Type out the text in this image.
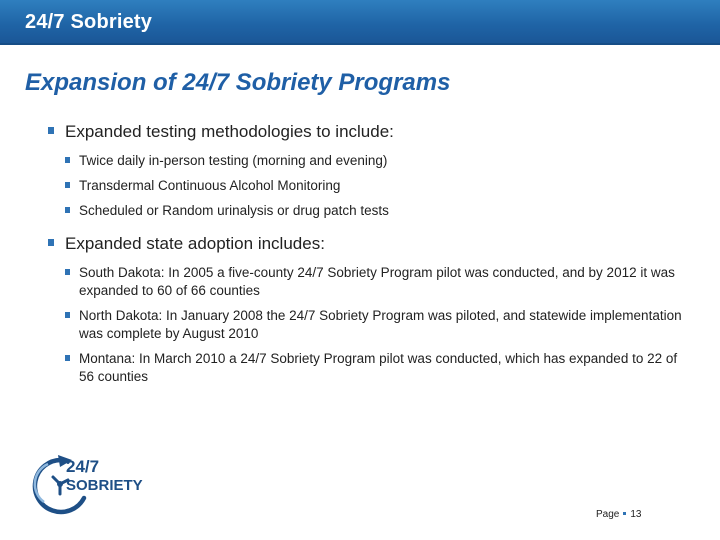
24/7 Sobriety
Expansion of 24/7 Sobriety Programs
Expanded testing methodologies to include:
Twice daily in-person testing (morning and evening)
Transdermal Continuous Alcohol Monitoring
Scheduled or Random urinalysis or drug patch tests
Expanded state adoption includes:
South Dakota: In 2005 a five-county 24/7 Sobriety Program pilot was conducted, and by 2012 it was expanded to 60 of 66 counties
North Dakota: In January 2008 the 24/7 Sobriety Program was piloted, and statewide implementation was complete by August 2010
Montana: In March 2010 a 24/7 Sobriety Program pilot was conducted, which has expanded to 22 of 56 counties
24/7
SOBRIETY
Page 13
